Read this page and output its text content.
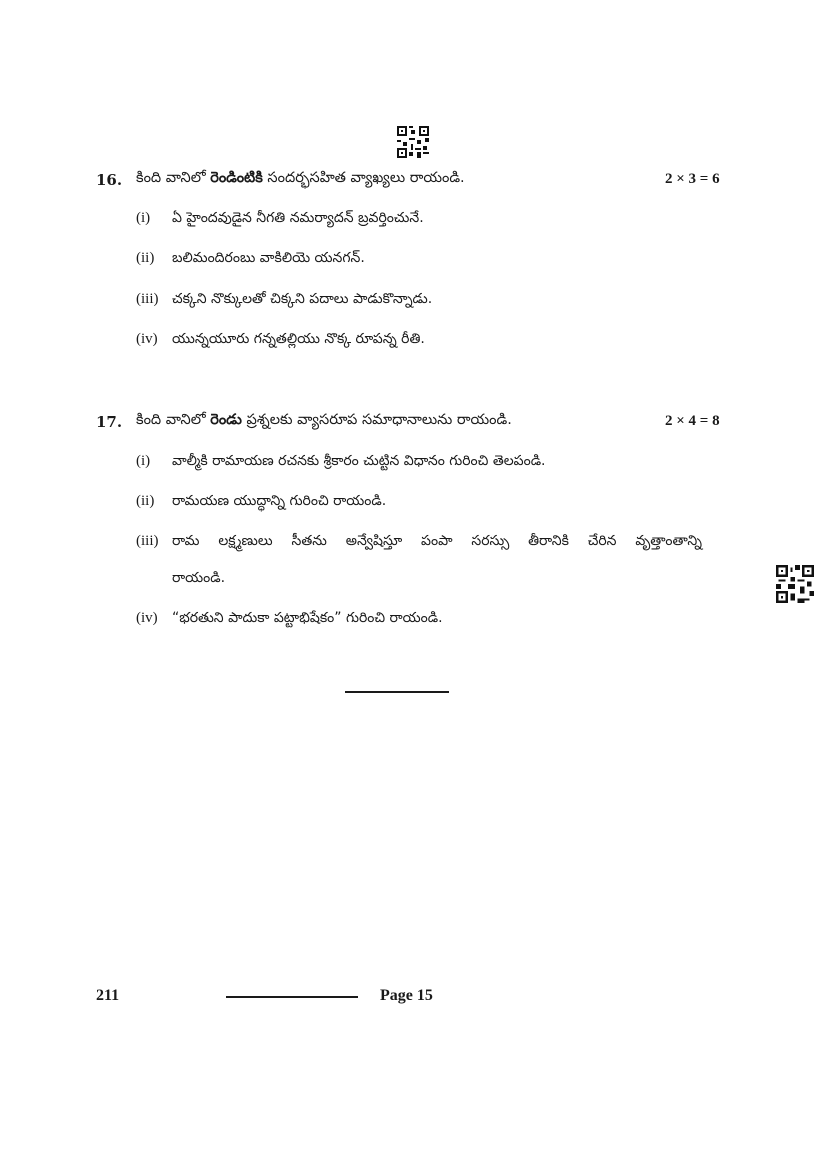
16. కింది వానిలో రెండింటికి సందర్భసహిత వ్యాఖ్యలు రాయండి.	2 × 3 = 6
(i) ఏ హైందవుడైన నీగతి నమర్యాదన్ బ్రవర్తించునే.
(ii) బలిమందిరంబు వాకిలియె యనగన్.
(iii) చక్కని నొక్కులతో చిక్కని పదాలు పాడుకొన్నాడు.
(iv) యున్నయూరు గన్నతల్లియు నొక్క రూపన్న రీతి.
17. కింది వానిలో రెండు ప్రశ్నలకు వ్యాసరూప సమాధానాలును రాయండి.	2 × 4 = 8
(i) వాల్మీకి రామాయణ రచనకు శ్రీకారం చుట్టిన విధానం గురించి తెలపండి.
(ii) రామయణ యుద్ధాన్ని గురించి రాయండి.
(iii) రామ లక్ష్మణులు సీతను అన్వేషిస్తూ పంపా సరస్సు తీరానికి చేరిన వృత్తాంతాన్ని
రాయండి.
(iv) “భరతుని పాదుకా పట్టాభిషేకం” గురించి రాయండి.
211	Page 15
